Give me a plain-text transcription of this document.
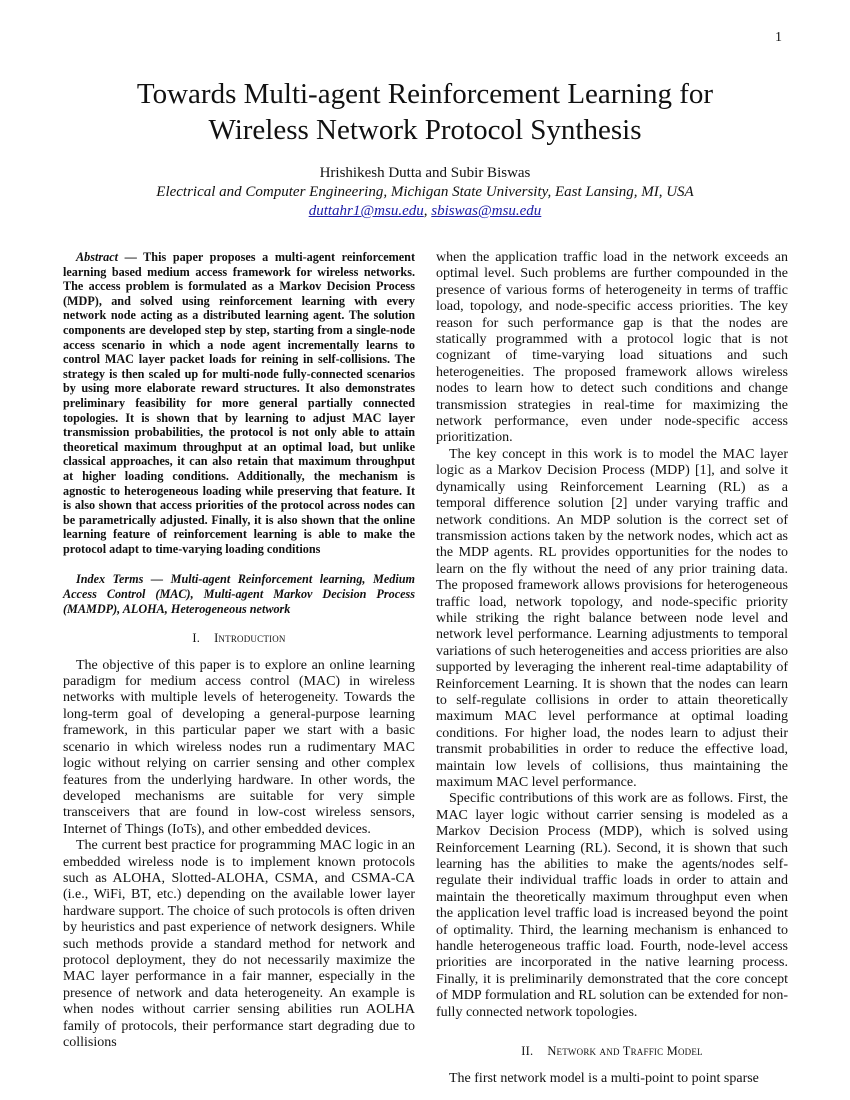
1
Towards Multi-agent Reinforcement Learning for
Wireless Network Protocol Synthesis
Hrishikesh Dutta and Subir Biswas
Electrical and Computer Engineering, Michigan State University, East Lansing, MI, USA
duttahr1@msu.edu, sbiswas@msu.edu

Abstract — This paper proposes a multi-agent reinforcement learning based medium access framework for wireless networks. The access problem is formulated as a Markov Decision Process (MDP), and solved using reinforcement learning with every network node acting as a distributed learning agent. The solution components are developed step by step, starting from a single-node access scenario in which a node agent incrementally learns to control MAC layer packet loads for reining in self-collisions. The strategy is then scaled up for multi-node fully-connected scenarios by using more elaborate reward structures. It also demonstrates preliminary feasibility for more general partially connected topologies. It is shown that by learning to adjust MAC layer transmission probabilities, the protocol is not only able to attain theoretical maximum throughput at an optimal load, but unlike classical approaches, it can also retain that maximum throughput at higher loading conditions. Additionally, the mechanism is agnostic to heterogeneous loading while preserving that feature. It is also shown that access priorities of the protocol across nodes can be parametrically adjusted. Finally, it is also shown that the online learning feature of reinforcement learning is able to make the protocol adapt to time-varying loading conditions

Index Terms — Multi-agent Reinforcement learning, Medium Access Control (MAC), Multi-agent Markov Decision Process (MAMDP), ALOHA, Heterogeneous network

I. Introduction

The objective of this paper is to explore an online learning paradigm for medium access control (MAC) in wireless networks with multiple levels of heterogeneity. Towards the long-term goal of developing a general-purpose learning framework, in this particular paper we start with a basic scenario in which wireless nodes run a rudimentary MAC logic without relying on carrier sensing and other complex features from the underlying hardware. In other words, the developed mechanisms are suitable for very simple transceivers that are found in low-cost wireless sensors, Internet of Things (IoTs), and other embedded devices.

The current best practice for programming MAC logic in an embedded wireless node is to implement known protocols such as ALOHA, Slotted-ALOHA, CSMA, and CSMA-CA (i.e., WiFi, BT, etc.) depending on the available lower layer hardware support. The choice of such protocols is often driven by heuristics and past experience of network designers. While such methods provide a standard method for network and protocol deployment, they do not necessarily maximize the MAC layer performance in a fair manner, especially in the presence of network and data heterogeneity. An example is when nodes without carrier sensing abilities run AOLHA family of protocols, their performance start degrading due to collisions

when the application traffic load in the network exceeds an optimal level. Such problems are further compounded in the presence of various forms of heterogeneity in terms of traffic load, topology, and node-specific access priorities. The key reason for such performance gap is that the nodes are statically programmed with a protocol logic that is not cognizant of time-varying load situations and such heterogeneities. The proposed framework allows wireless nodes to learn how to detect such conditions and change transmission strategies in real-time for maximizing the network performance, even under node-specific access prioritization.

The key concept in this work is to model the MAC layer logic as a Markov Decision Process (MDP) [1], and solve it dynamically using Reinforcement Learning (RL) as a temporal difference solution [2] under varying traffic and network conditions. An MDP solution is the correct set of transmission actions taken by the network nodes, which act as the MDP agents. RL provides opportunities for the nodes to learn on the fly without the need of any prior training data. The proposed framework allows provisions for heterogeneous traffic load, network topology, and node-specific priority while striking the right balance between node level and network level performance. Learning adjustments to temporal variations of such heterogeneities and access priorities are also supported by leveraging the inherent real-time adaptability of Reinforcement Learning. It is shown that the nodes can learn to self-regulate collisions in order to attain theoretically maximum MAC level performance at optimal loading conditions. For higher load, the nodes learn to adjust their transmit probabilities in order to reduce the effective load, maintain low levels of collisions, thus maintaining the maximum MAC level performance.

Specific contributions of this work are as follows. First, the MAC layer logic without carrier sensing is modeled as a Markov Decision Process (MDP), which is solved using Reinforcement Learning (RL). Second, it is shown that such learning has the abilities to make the agents/nodes self-regulate their individual traffic loads in order to attain and maintain the theoretically maximum throughput even when the application level traffic load is increased beyond the point of optimality. Third, the learning mechanism is enhanced to handle heterogeneous traffic load. Fourth, node-level access priorities are incorporated in the native learning process. Finally, it is preliminarily demonstrated that the core concept of MDP formulation and RL solution can be extended for non-fully connected network topologies.

II. Network and Traffic Model

The first network model is a multi-point to point sparse
